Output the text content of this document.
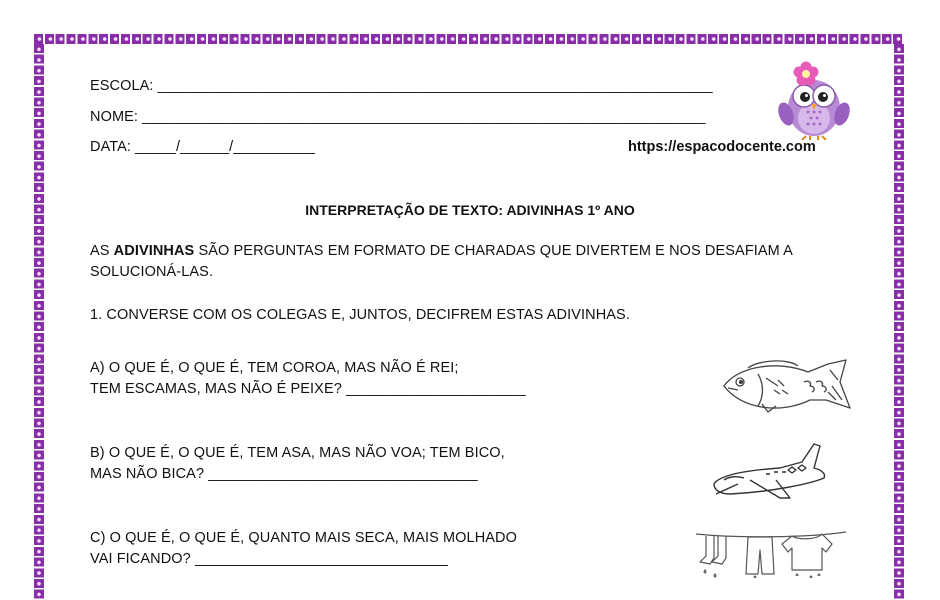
ESCOLA: ____________________________________________________________________
NOME: _____________________________________________________________________
DATA: _____/______/__________	https://espacodocente.com
INTERPRETAÇÃO DE TEXTO: ADIVINHAS 1º ANO
AS ADIVINHAS SÃO PERGUNTAS EM FORMATO DE CHARADAS QUE DIVERTEM E NOS DESAFIAM A
SOLUCIONÁ-LAS.
1. CONVERSE COM OS COLEGAS E, JUNTOS, DECIFREM ESTAS ADIVINHAS.
A) O QUE É, O QUE É, TEM COROA, MAS NÃO É REI;
TEM ESCAMAS, MAS NÃO É PEIXE? ______________________
B) O QUE É, O QUE É, TEM ASA, MAS NÃO VOA; TEM BICO,
MAS NÃO BICA? _________________________________
C) O QUE É, O QUE É, QUANTO MAIS SECA, MAIS MOLHADO
VAI FICANDO? _______________________________
